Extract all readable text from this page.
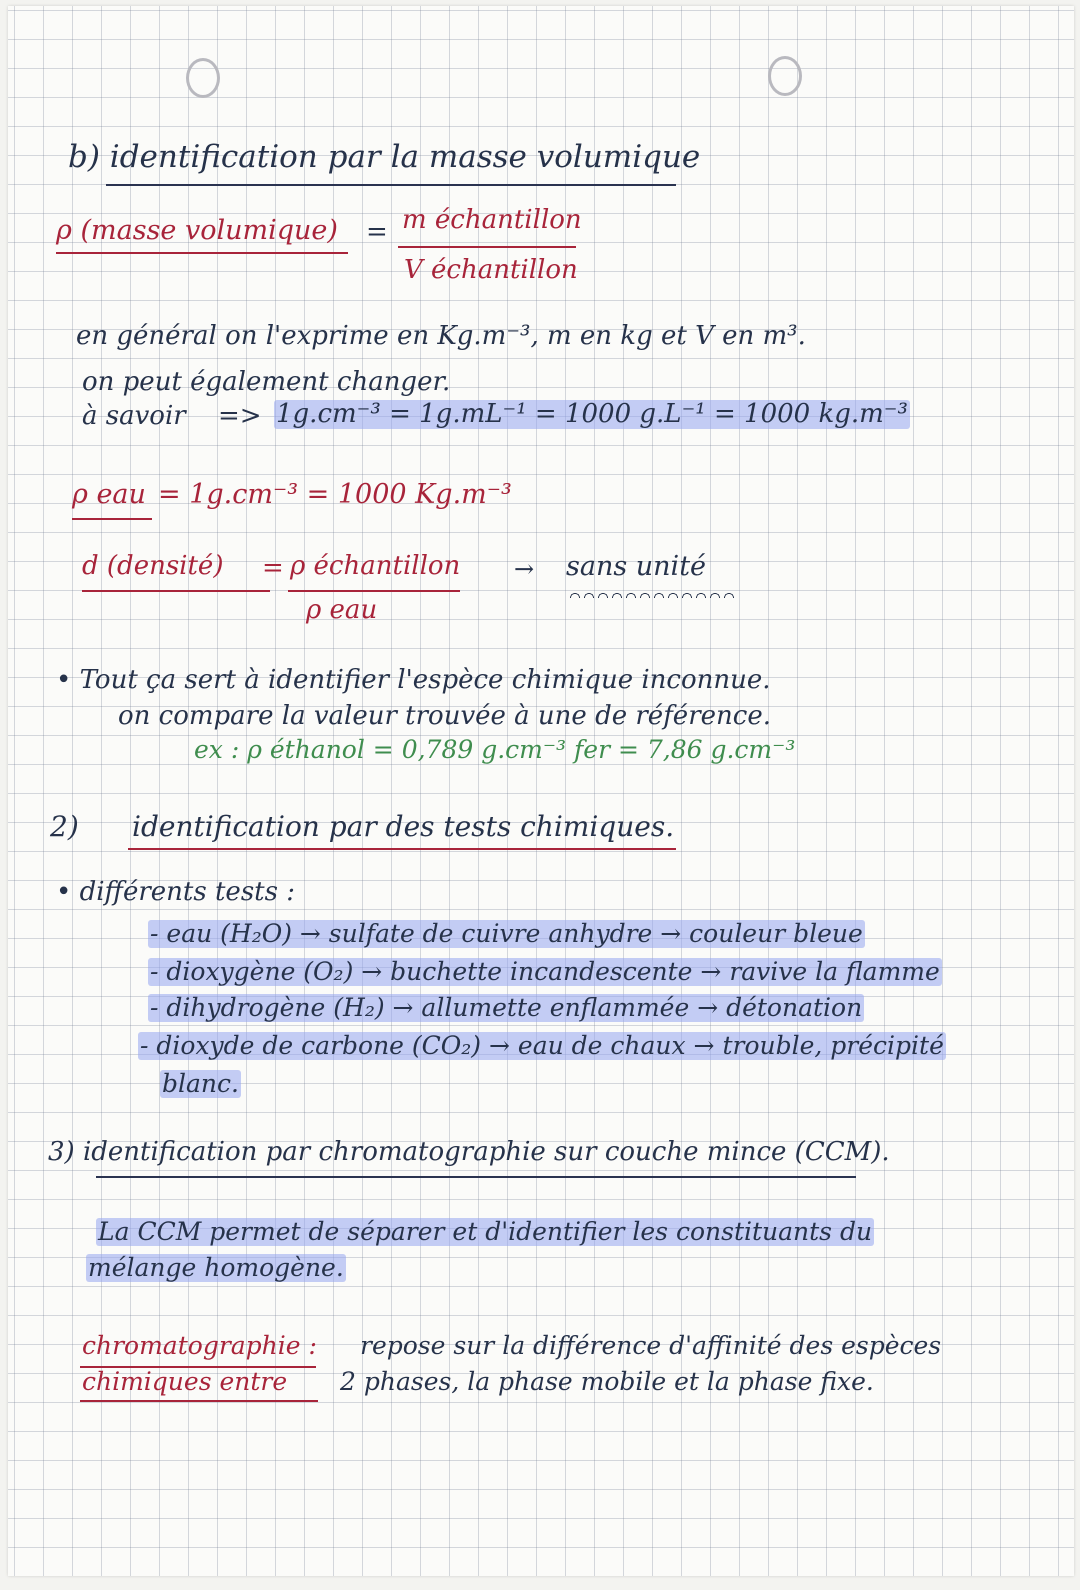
b) identification par la masse volumique
ρ (masse volumique) = m échantillon
V échantillon
en général on l'exprime en Kg.m⁻³, m en kg et V en m³.
on peut également changer.
à savoir => 1g.cm⁻³ = 1g.mL⁻¹ = 1000 g.L⁻¹ = 1000 kg.m⁻³
ρ eau = 1g.cm⁻³ = 1000 Kg.m⁻³
d (densité) = ρ échantillon
ρ eau
→ sans unité
• Tout ça sert à identifier l'espèce chimique inconnue.
on compare la valeur trouvée à une de référence.
ex : ρ éthanol = 0,789 g.cm⁻³ fer = 7,86 g.cm⁻³
2) identification par des tests chimiques.
• différents tests :
- eau (H₂O) → sulfate de cuivre anhydre → couleur bleue
- dioxygène (O₂) → buchette incandescente → ravive la flamme
- dihydrogène (H₂) → allumette enflammée → détonation
- dioxyde de carbone (CO₂) → eau de chaux → trouble, précipité
blanc.
3) identification par chromatographie sur couche mince (CCM).
La CCM permet de séparer et d'identifier les constituants du
mélange homogène.
chromatographie : repose sur la différence d'affinité des espèces
chimiques entre 2 phases, la phase mobile et la phase fixe.
